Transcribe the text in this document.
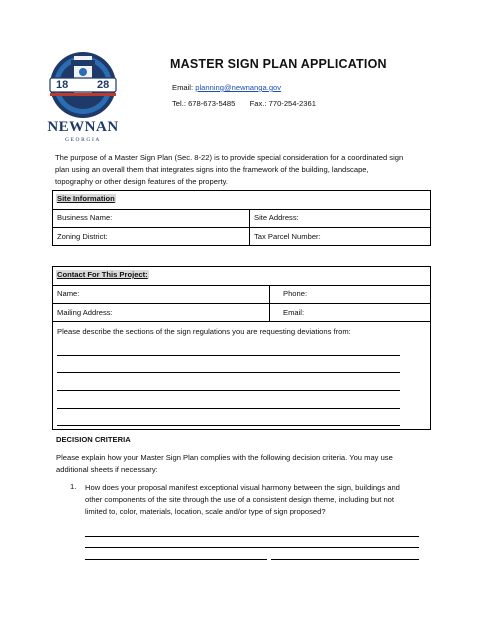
18	28
NEWNAN
GEORGIA
MASTER SIGN PLAN APPLICATION
Email: planning@newnanga.gov
Tel.: 678-673-5485 Fax.: 770-254-2361
The purpose of a Master Sign Plan (Sec. 8-22) is to provide special consideration for a coordinated sign
plan using an overall them that integrates signs into the framework of the building, landscape,
topography or other design features of the property.
Site Information
Business Name:	Site Address:
Zoning District:	Tax Parcel Number:
Contact For This Project:
Name:	Phone:
Mailing Address:	Email:
Please describe the sections of the sign regulations you are requesting deviations from:
DECISION CRITERIA
Please explain how your Master Sign Plan complies with the following decision criteria. You may use
additional sheets if necessary:
1. How does your proposal manifest exceptional visual harmony between the sign, buildings and
other components of the site through the use of a consistent design theme, including but not
limited to, color, materials, location, scale and/or type of sign proposed?
